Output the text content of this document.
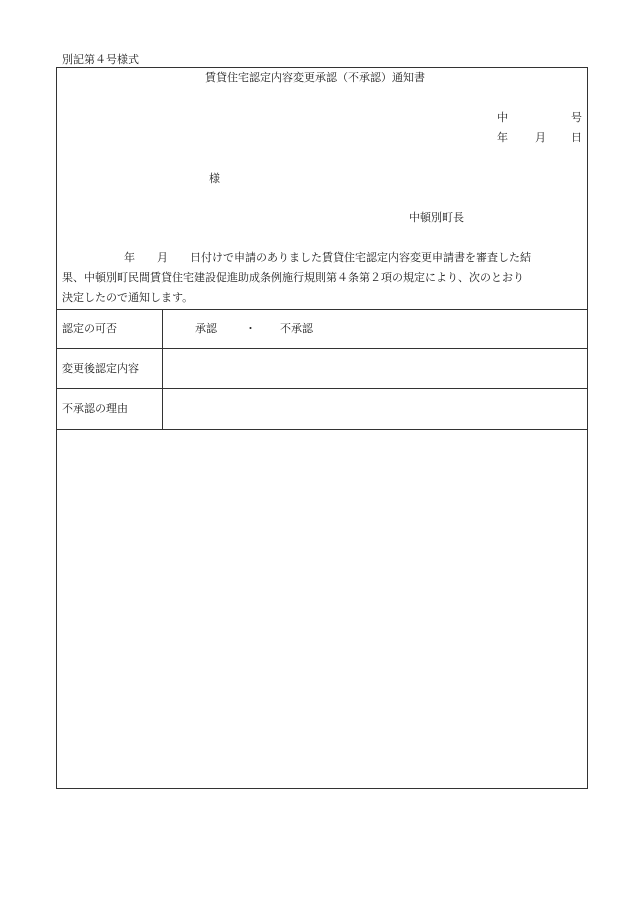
別記第４号様式
賃貸住宅認定内容変更承認（不承認）通知書
中	号
年 月 日
様
中頓別町長
年 月 日付けで申請のありました賃貸住宅認定内容変更申請書を審査した結
果、中頓別町民間賃貸住宅建設促進助成条例施行規則第４条第２項の規定により、次のとおり
決定したので通知します。
認定の可否	承認	・ 不承認
変更後認定内容
不承認の理由
